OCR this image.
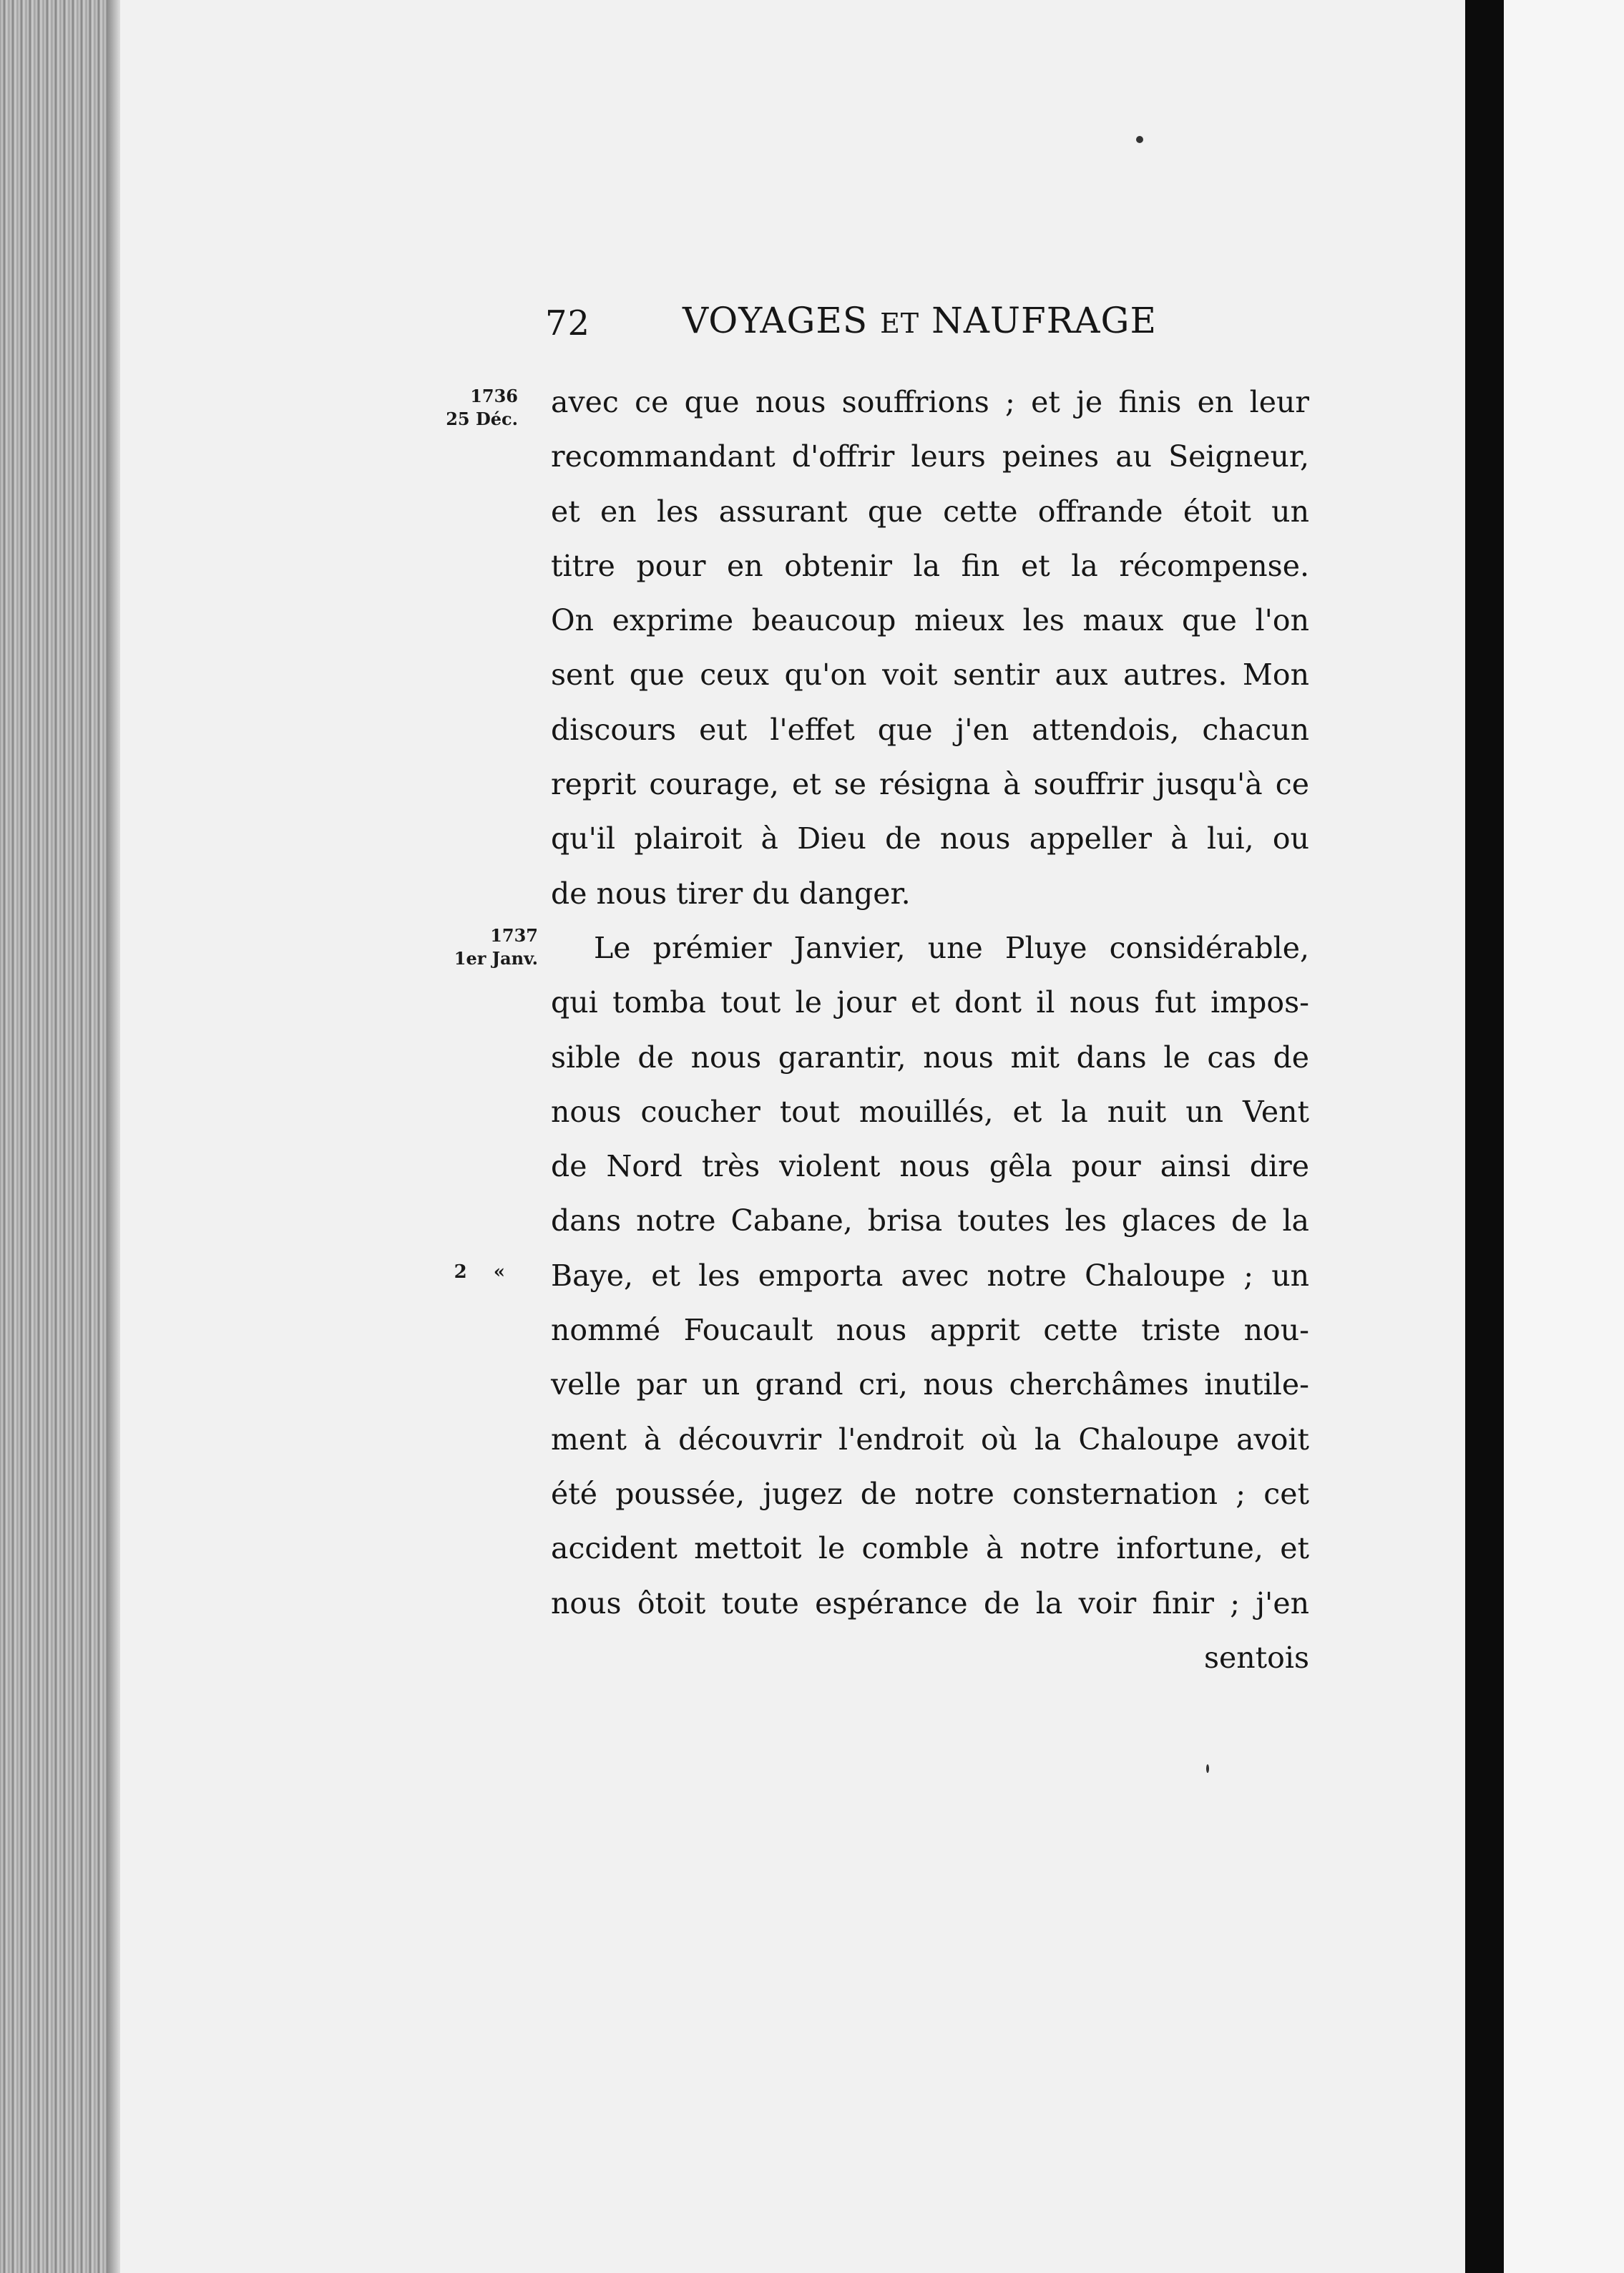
72	VOYAGES ET NAUFRAGE
1736
25 Déc.
1737
1er Janv.
2 «
avec ce que nous souffrions ; et je finis en leur
recommandant d'offrir leurs peines au Seigneur,
et en les assurant que cette offrande étoit un
titre pour en obtenir la fin et la récompense.
On exprime beaucoup mieux les maux que l'on
sent que ceux qu'on voit sentir aux autres. Mon
discours eut l'effet que j'en attendois, chacun
reprit courage, et se résigna à souffrir jusqu'à ce
qu'il plairoit à Dieu de nous appeller à lui, ou
de nous tirer du danger.
Le prémier Janvier, une Pluye considérable,
qui tomba tout le jour et dont il nous fut impos-
sible de nous garantir, nous mit dans le cas de
nous coucher tout mouillés, et la nuit un Vent
de Nord très violent nous gêla pour ainsi dire
dans notre Cabane, brisa toutes les glaces de la
Baye, et les emporta avec notre Chaloupe ; un
nommé Foucault nous apprit cette triste nou-
velle par un grand cri, nous cherchâmes inutile-
ment à découvrir l'endroit où la Chaloupe avoit
été poussée, jugez de notre consternation ; cet
accident mettoit le comble à notre infortune, et
nous ôtoit toute espérance de la voir finir ; j'en
sentois
